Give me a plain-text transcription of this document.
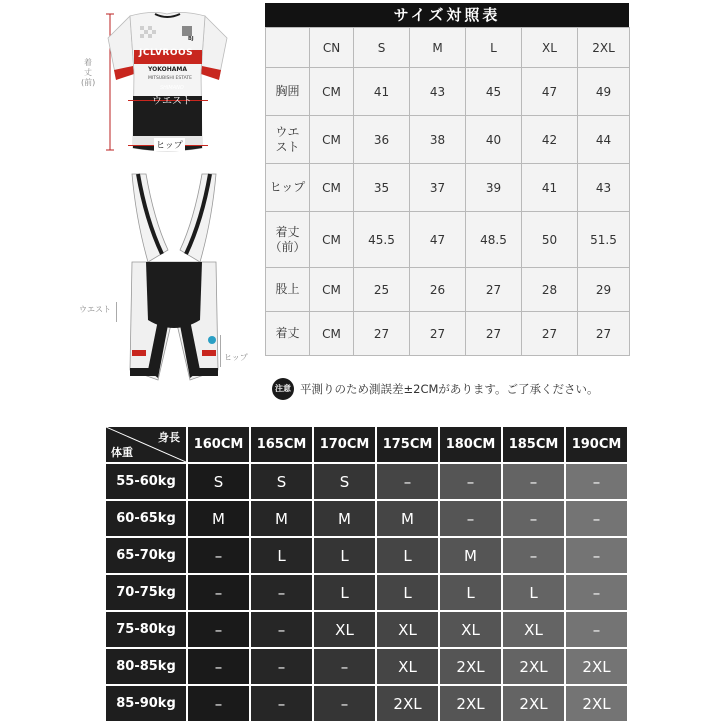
着丈(前)
JCLVROOS
YOKOHAMA
MITSUBISHI ESTATE
SHIMANO
BJ
ウエスト
ヒップ
BJS
ウエスト
ヒップ
サイズ対照表
	CN	S	M	L	XL	2XL
胸囲	CM	41	43	45	47	49
ウエ
スト	CM	36	38	40	42	44
ヒップ	CM	35	37	39	41	43
着丈
（前）	CM	45.5	47	48.5	50	51.5
股上	CM	25	26	27	28	29
着丈	CM	27	27	27	27	27
注意 平測りのため測誤差±2CMがあります。ご了承ください。
身長
体重	160CM	165CM	170CM	175CM	180CM	185CM	190CM
55-60kg	S	S	S	–	–	–	–
60-65kg	M	M	M	M	–	–	–
65-70kg	–	L	L	L	M	–	–
70-75kg	–	–	L	L	L	L	–
75-80kg	–	–	XL	XL	XL	XL	–
80-85kg	–	–	–	XL	2XL	2XL	2XL
85-90kg	–	–	–	2XL	2XL	2XL	2XL
